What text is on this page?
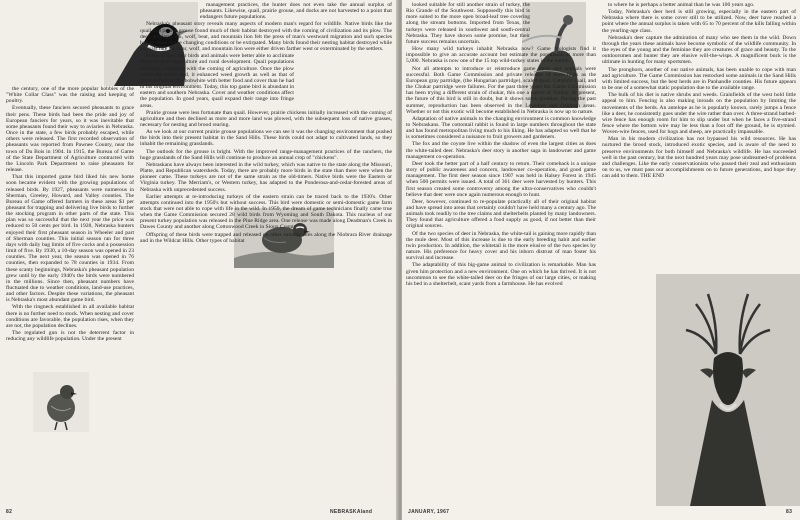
the century, one of the more popular hobbies of the "White Collar Class" was the raising and keeping of poultry.

Eventually, these fanciers secured pheasants to grace their pens. These birds had been the pride and joy of European fanciers for years, so it was inevitable that some pheasants found their way to aviaries in Nebraska. Once in the state, a few birds probably escaped, while others were released. The first recorded observation of pheasants was reported from Pawnee County, near the town of Du Bois in 1904. In 1915, the Bureau of Game of the State Department of Agriculture contracted with the Lincoln Park Department to raise pheasants for release.

That this imported game bird liked his new home soon became evident with the growing populations of released birds. By 1927, pheasants were numerous in Sherman, Greeley, Howard, and Valley counties. The Bureau of Game offered farmers in these areas $1 per pheasant for trapping and delivering live birds to further the stocking program in other parts of the state. This plan was so successful that the next year the price was reduced to 50 cents per bird. In 1928, Nebraska hunters enjoyed their first pheasant season in Wheeler and part of Sherman counties. This initial season ran for three days with daily bag limits of five cocks and a possession limit of five. By 1930, a 10-day season was opened in 23 counties. The next year, the season was opened in 76 counties, then expanded to 78 counties in 1934. From these scanty beginnings, Nebraska's pheasant population grew until by the early 1940's the birds were numbered in the millions. Since then, pheasant numbers have fluctuated due to weather conditions, land-use practices, and other factors. Despite these variations, the pheasant is Nebraska's most abundant game bird.

With the ringneck established in all available habitat there is no further need to stock. When nesting and cover conditions are favorable, the population rises, when they are not, the population declines.

The regulated gun is not the deterrent factor in reducing any wildlife population. Under the present

management practices, the hunter does not even take the annual surplus of pheasants. Likewise, quail, prairie grouse, and ducks are not harvested to a point that endangers future populations.

Nebraska's pheasant story reveals many aspects of modern man's regard for wildlife. Native birds like the quail and prairie grouse found much of their habitat destroyed with the coming of civilization and its plow. The deer, antelope, elk, wolf, bear, and mountain lion felt the press of man's westward migration and such species had to adapt to the changing conditions or be extirpated. Many birds found their nesting habitat destroyed while animals like the bear, wolf, and mountain lion were either driven farther west or exterminated by the settlers.

Many of the other birds and animals were better able to acclimate themselves to agriculture and rural development. Quail populations definitely increased with the coming of agriculture. Once the plow broke the native sod, it enhanced weed growth as well as that of grain to furnish the bobwhite with better food and cover than he had in his original environment. Today, this top game bird is abundant in eastern and southern Nebraska. Cover and weather conditions affect the population. In good years, quail expand their range into fringe areas.

Prairie grouse were less fortunate than quail. However, prairie chickens initially increased with the coming of agriculture and then declined as more and more land was plowed, with the subsequent loss of native grasses, necessary for nesting and brood rearing.

As we look at our current prairie grouse populations we can see it was the changing environment that pushed the birds into their present habitat in the Sand Hills. These birds could not adapt to cultivated lands, so they inhabit the remaining grasslands.

The outlook for the grouse is bright. With the improved range-management practices of the ranchers, the huge grasslands of the Sand Hills will continue to produce an annual crop of "chickens".

Nebraskans have always been interested in the wild turkey, which was native to the state along the Missouri, Platte, and Republican watersheds. Today, there are probably more birds in the state than there were when the pioneer came. These turkeys are not of the same strain as the old-timers. Native birds were the Eastern or Virginia turkey. The Merriam's, or Western turkey, has adapted to the Ponderosa-and-cedar-forested areas of Nebraska with unprecedented success.

Earlier attempts at re-introducing turkeys of the eastern strain can be traced back to the 1930's. Other attempts continued into the 1950's but without success. This bird were domestic or semi-domestic game farm stock that were not able to cope with life in the wild. In 1959, the dream of game technicians finally came true when the Game Commission secured 28 wild birds from Wyoming and South Dakota. This nucleus of our present turkey population was released in the Pine Ridge area. One release was made along Deadman's Creek in Dawes County and another along Cottonwood Creek in Sioux County.

Offspring of these birds were trapped and released on other suitable sites along the Niobrara River drainage and in the Wildcat Hills. Other types of habitat

82	NEBRASKAland

looked suitable for still another strain of turkey, the Rio Grande of the Southwest. Supposedly this bird is more suited to the more open broad-leaf tree covering along the stream bottoms. Imported from Texas, the turkeys were released in southwest and south-central Nebraska. They have shown some promise, but their future success remains uncertain.

How many wild turkeys inhabit Nebraska now? Game biologists find it impossible to give an accurate account but estimate the population at more than 5,000. Nebraska is now one of the 15 top wild-turkey states in the nation.

Not all attempts to introduce or reintroduce game birds and animals were successful. Both Game Commission and private releases of such birds as the European gray partridge, (the Hungarian partridge), scaled quail, Coturnix quail, and the Chukar partridge were failures. For the past three years the Game Commission has been trying a different strain of chukar, this one a native of Turkey. At present, the future of this bird is still in doubt, but it shows some promise. During the past summer, reproduction has been observed in the Lewellen and Oshkosh areas. Whether or not this exotic will become established in Nebraska is now up to nature.

Adaptation of native animals to the changing environment is common knowledge to Nebraskans. The cottontail rabbit is found in large numbers throughout the state and has found metropolitan living much to his liking. He has adapted so well that he is sometimes considered a nuisance to fruit growers and gardeners.

The fox and the coyote live within the shadow of even the largest cities as does the white-tailed deer. Nebraska's deer story is another saga in landowner and game management co-operation.

Deer took the better part of a half century to return. Their comeback is a unique story of public awareness and concern, landowner co-operation, and good game management. The first deer season since 1907 was held in Halsey Forest in 1945 when 500 permits were issued. A total of 361 deer were harvested by hunters. This first season created some controversy among the ultra-conservatives who couldn't believe that deer were once again numerous enough to hunt.

Deer, however, continued to re-populate practically all of their original habitat and have spread into areas that certainly couldn't have held many a century ago. The animals took readily to the tree claims and shelterbelts planted by many landowners. They found that agriculture offered a food supply as good, if not better than their original sources.

Of the two species of deer in Nebraska, the white-tail is gaining more rapidly than the mule deer. Most of this increase is due to the early breeding habit and earlier twin production. In addition, the whitetail is the more elusive of the two species by nature. His preference for heavy cover and his inborn distrust of man foster his survival and increase.

The adaptability of this big-game animal to civilization is remarkable. Man has given him protection and a new environment. One on which he has thrived. It is not uncommon to see the white-tailed deer on the fringes of our large cities, or making his bed in a shelterbelt, scant yards from a farmhouse. He has evolved

to where he is perhaps a better animal than he was 100 years ago.

Today, Nebraska's deer herd is still growing, especially in the eastern part of Nebraska where there is some cover still to be utilized. Now, deer have reached a point where the annual surplus is taken with 65 to 70 percent of the kills falling within the yearling-age class.

Nebraska's deer capture the admiration of many who see them in the wild. Down through the years these animals have become symbolic of the wildlife community. In the eyes of the young and the feminine they are creatures of grace and beauty. To the outdoorsmen and hunter they are elusive will-the-wisps. A magnificent buck is the ultimate in hunting for many sportsmen.

The pronghorn, another of our native animals, has been unable to cope with man and agriculture. The Game Commission has restocked some animals in the Sand Hills with limited success, but the best herds are in Panhandle counties. His future appears to be one of a somewhat static population due to the available range.

The bulk of his diet is native shrubs and weeds. Grainfields of the west hold little appeal to him. Fencing is also making inroads on the population by limiting the movements of the herds. An antelope as he is popularly known, rarely jumps a fence like a deer, he consistently goes under the wire rather than over. A three-strand barbed-wire fence has enough room for him to slip under but when he faces a five-strand fence where the bottom wire may be less than a foot off the ground, he is stymied. Woven-wire fences, used for hogs and sheep, are practically impassable.

Man in his modern civilization has not bypassed his wild resources. He has nurtured the brood stock, introduced exotic species, and is aware of the need to preserve environments for both himself and Nebraska's wildlife. He has succeeded well in the past century, but the next hundred years may pose undreamed-of problems and challenges. Like the early conservationists who passed their zeal and enthusiasm on to us, we must pass our accomplishments on to future generations, and hope they can add to them. THE END

JANUARY, 1967	83
